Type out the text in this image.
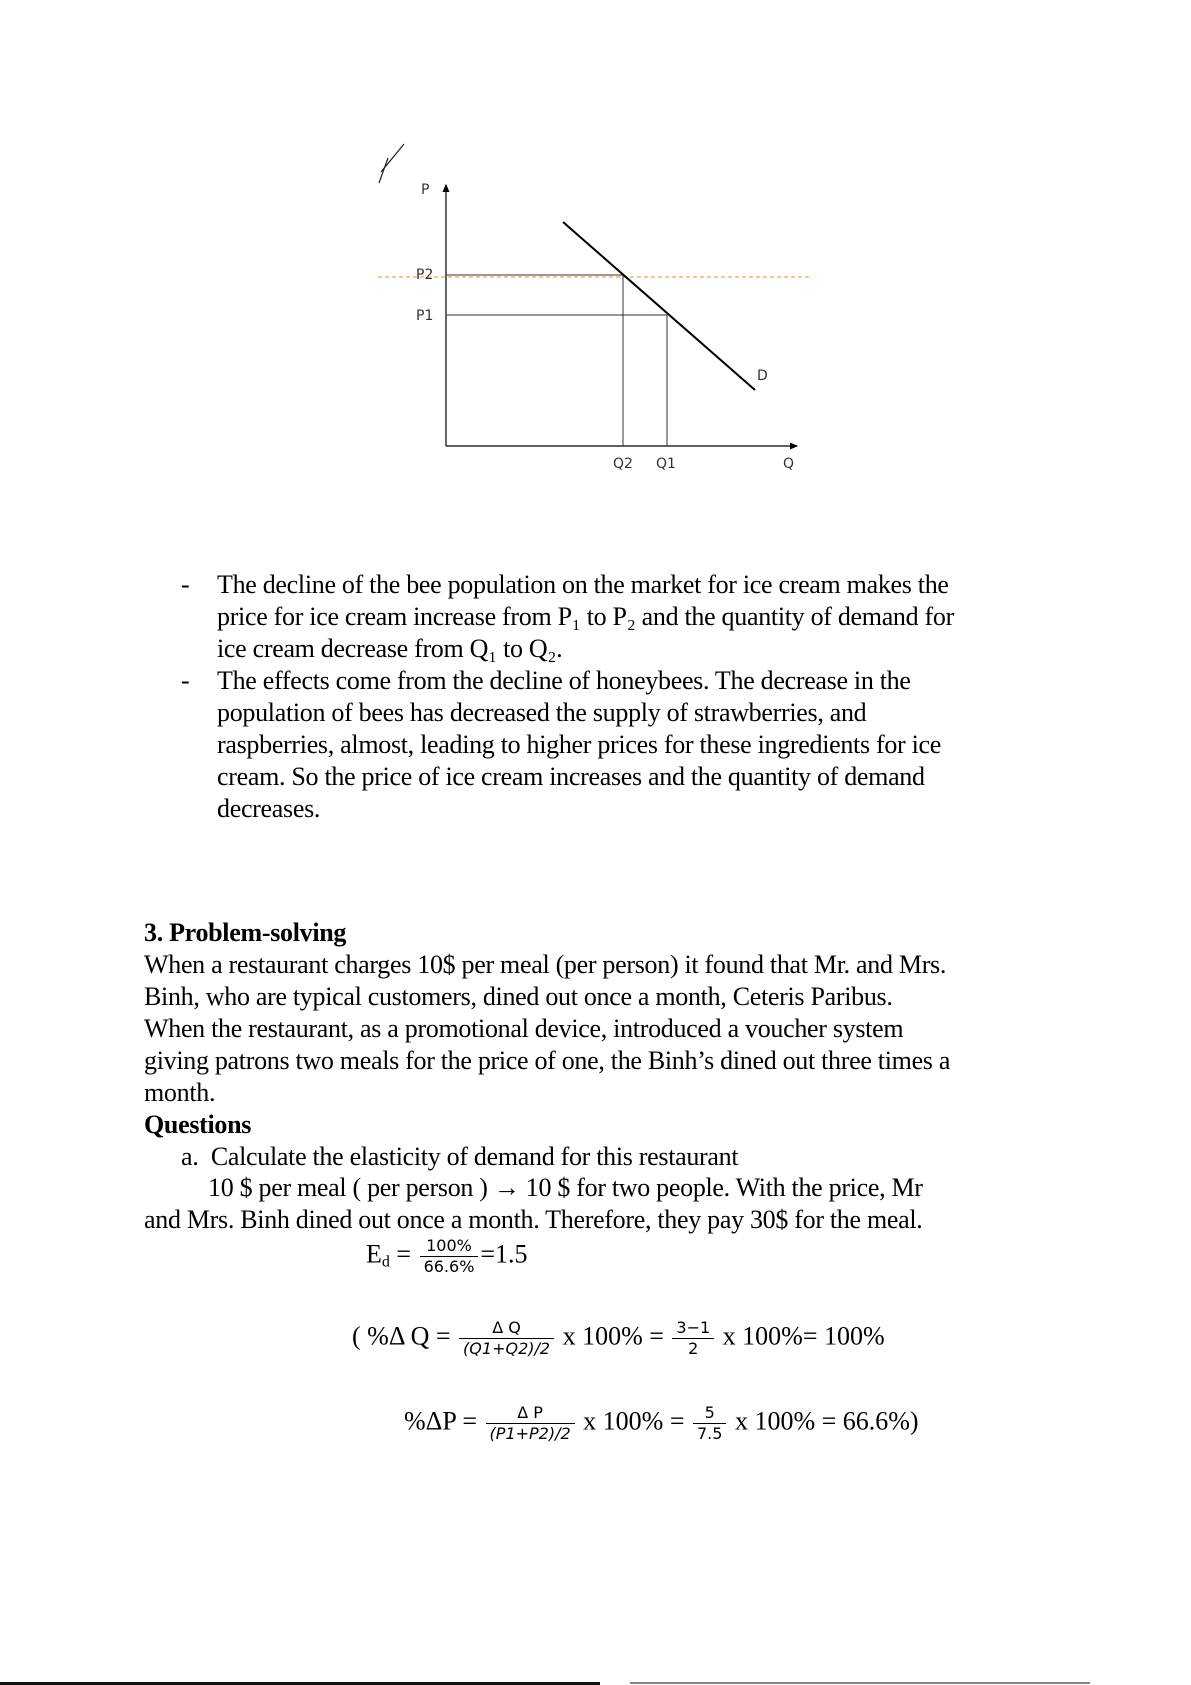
P
P2
P1
D
Q2 Q1	Q
- The decline of the bee population on the market for ice cream makes the
price for ice cream increase from P₁ to P₂ and the quantity of demand for
ice cream decrease from Q₁ to Q₂.
- The effects come from the decline of honeybees. The decrease in the
population of bees has decreased the supply of strawberries, and
raspberries, almost, leading to higher prices for these ingredients for ice
cream. So the price of ice cream increases and the quantity of demand
decreases.
3. Problem-solving
When a restaurant charges 10$ per meal (per person) it found that Mr. and Mrs.
Binh, who are typical customers, dined out once a month, Ceteris Paribus.
When the restaurant, as a promotional device, introduced a voucher system
giving patrons two meals for the price of one, the Binh’s dined out three times a
month.
Questions
a.  Calculate the elasticity of demand for this restaurant
10 $ per meal ( per person ) → 10 $ for two people. With the price, Mr
and Mrs. Binh dined out once a month. Therefore, they pay 30$ for the meal.
$E_d = \frac{100\%}{66.6\%} =1.5$
( %Δ $Q = \frac{\text{Δ Q}}{(Q1+Q2)/2}$ x $100\% = \frac{3-1}{2}$ x 100%= 100%
$\%\Delta P = \frac{\text{Δ P}}{(P1+P2)/2}$ x $100\% = \frac{5}{7.5}$ x 100% = 66.6%)
